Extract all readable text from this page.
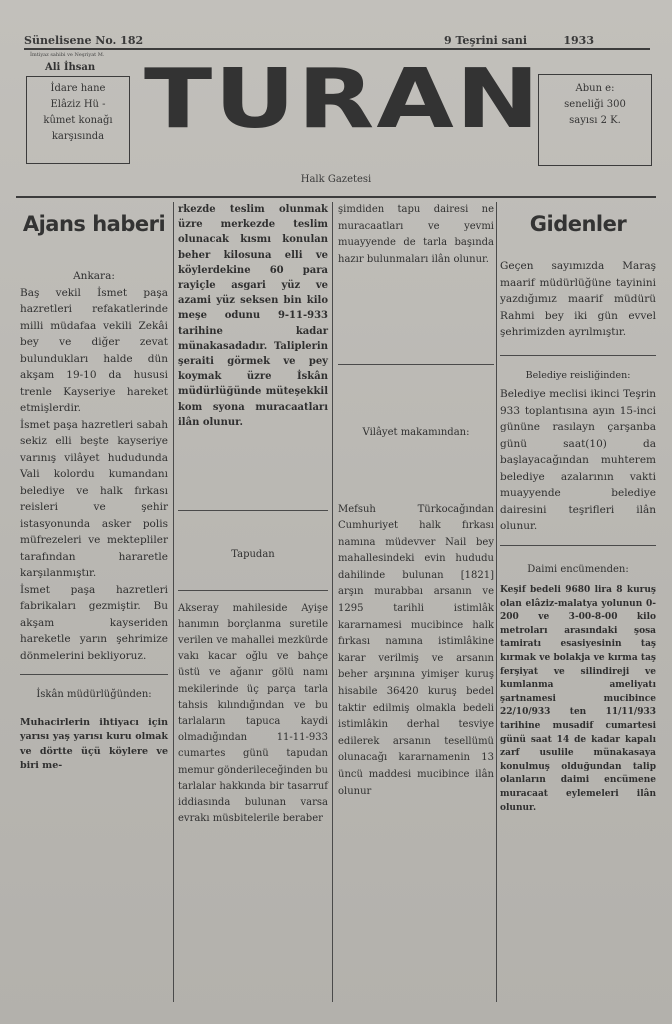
Sünelisene No. 182	9 Teşrini sani	1933
İmtiyaz sahibi ve Neşriyat M.
Ali İhsan
İdare hane
Elâziz Hü -
kûmet konağı
karşısında TURAN	Abun e:
seneliği 300
sayısı 2 K.
Halk Gazetesi
Ajans haberi
Ankara:

Baş vekil İsmet paşa hazretleri refakatlerinde milli müdafaa vekili Zekâi bey ve diğer zevat bulundukları halde dün akşam 19-10 da hususi trenle Kayseriye hareket etmişlerdir.

İsmet paşa hazretleri sabah sekiz elli beşte kayseriye varınış vilâyet hududunda Vali kolordu kumandanı belediye ve halk fırkası reisleri ve şehir istasyonunda asker polis müfrezeleri ve mektepliler tarafından hararetle karşılanmıştır.

İsmet paşa hazretleri fabrikaları gezmiştir. Bu akşam kayseriden hareketle yarın şehrimize dönmelerini bekliyoruz.

İskân müdürlüğünden:

Muhacirlerin ihtiyacı için yarısı yaş yarısı kuru olmak ve dörtte üçü köylere ve biri me-

rkezde teslim olunmak üzre merkezde teslim olunacak kısmı konulan beher kilosuna elli ve köylerdekine 60 para rayiçle asgari yüz ve azami yüz seksen bin kilo meşe odunu 9-11-933 tarihine kadar münakasadadır. Taliplerin şeraiti görmek ve pey koymak üzre İskân müdürlüğünde müteşekkil kom syona muracaatları ilân olunur.

Tapudan

Akseray mahileside Ayişe hanımın borçlanma suretile verilen ve mahallei mezkürde vakı kacar oğlu ve bahçe üstü ve ağanır gölü namı mekilerinde üç parça tarla tahsis kılındığından ve bu tarlaların tapuca kaydi olmadığından 11-11-933 cumartes günü tapudan memur gönderileceğinden bu tarlalar hakkında bir tasarruf iddiasında bulunan varsa evrakı müsbitelerile beraber

şimdiden tapu dairesi ne muracaatları ve yevmi muayyende de tarla başında hazır bulunmaları ilân olunur.

Vilâyet makamından:

Mefsuh Türkocağından Cumhuriyet halk fırkası namına müdevver Nail bey mahallesindeki evin hududu dahilinde bulunan [1821] arşın murabbaı arsanın ve 1295 tarihli istimlâk kararnamesi mucibince halk fırkası namına istimlâkine karar verilmiş ve arsanın beher arşınına yimişer kuruş hisabile 36420 kuruş bedel taktir edilmiş olmakla bedeli istimlâkin derhal tesviye edilerek arsanın tesellümü olunacağı kararnamenin 13 üncü maddesi mucibince ilân olunur

Gidenler

Geçen sayımızda Maraş maarif müdürlüğüne tayinini yazdığımız maarif müdürü Rahmi bey iki gün evvel şehrimizden ayrılmıştır.

Belediye reisliğinden:

Belediye meclisi ikinci Teşrin 933 toplantısına ayın 15-inci gününe rasılayn çarşanba günü saat(10) da başlayacağından muhterem belediye azalarının vakti muayyende belediye dairesini teşrifleri ilân olunur.

Daimi encümenden:

Keşif bedeli 9680 lira 8 kuruş olan elâziz-malatya yolunun 0-200 ve 3-00-8-00 kilo metroları arasındaki şosa tamiratı esasiyesinin taş kırmak ve bolakja ve kırma taş ferşiyat ve silindireji ve kumlanma ameliyatı şartnamesi mucibince 22/10/933 ten 11/11/933 tarihine musadif cumartesi günü saat 14 de kadar kapalı zarf usulile münakasaya konulmuş olduğundan talip olanların daimi encümene muracaat eylemeleri ilân olunur.
